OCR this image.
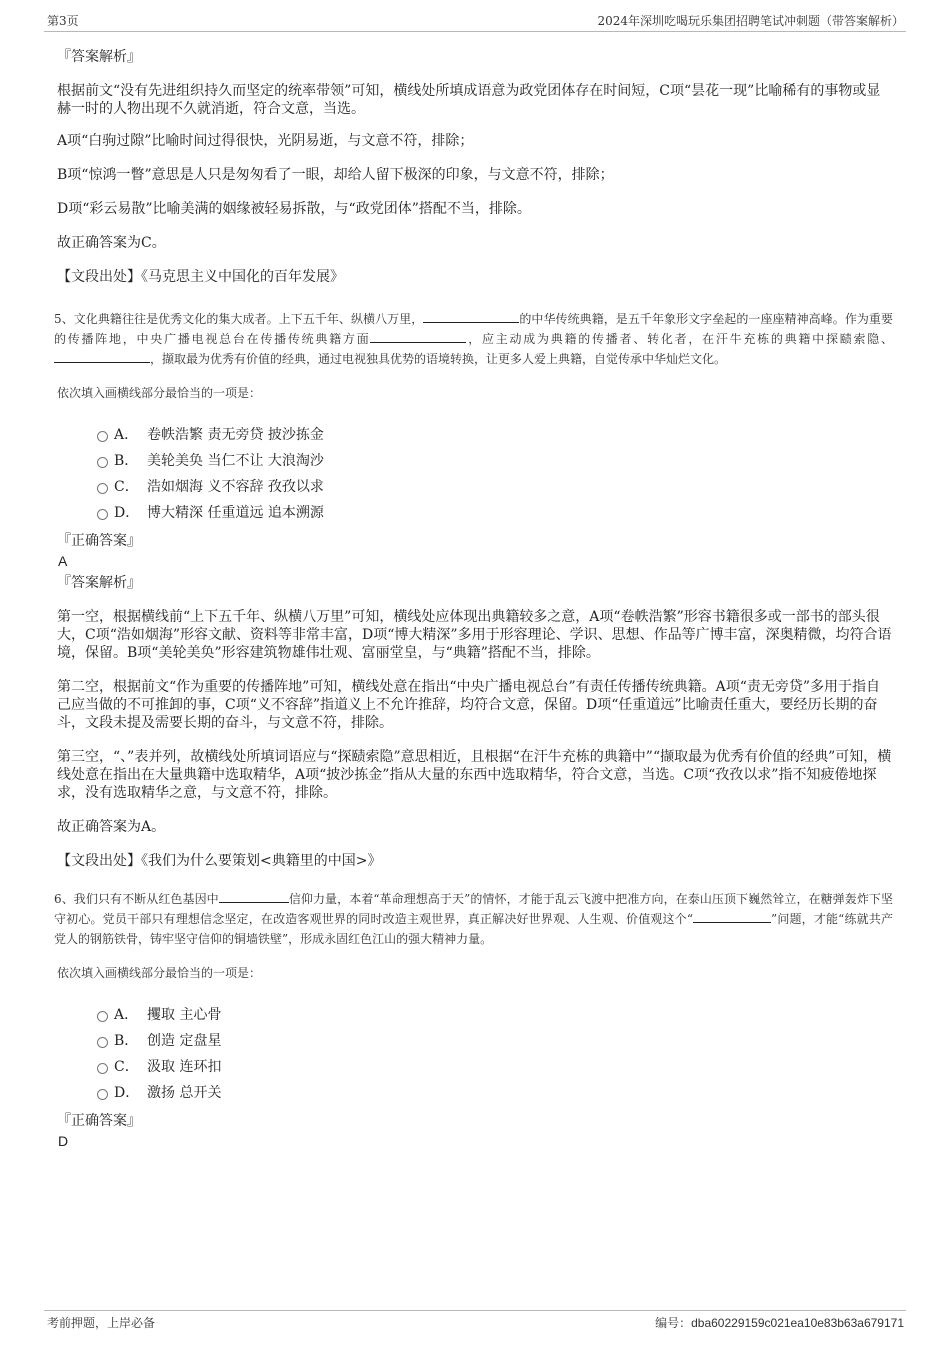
第3页	2024年深圳吃喝玩乐集团招聘笔试冲刺题（带答案解析）

『答案解析』

根据前文“没有先进组织持久而坚定的统率带领”可知，横线处所填成语意为政党团体存在时间短，C项“昙花一现”比喻稀有的事物或显赫一时的人物出现不久就消逝，符合文意，当选。

A项“白驹过隙”比喻时间过得很快，光阴易逝，与文意不符，排除；

B项“惊鸿一瞥”意思是人只是匆匆看了一眼，却给人留下极深的印象，与文意不符，排除；

D项“彩云易散”比喻美满的姻缘被轻易拆散，与“政党团体”搭配不当，排除。

故正确答案为C。

【文段出处】《马克思主义中国化的百年发展》

5、文化典籍往往是优秀文化的集大成者。上下五千年、纵横八万里，	的中华传统典籍，是五千年象形文字垒起的一座座精神高峰。作为重要的传播阵地，中央广播电视总台在传播传统典籍方面	，应主动成为典籍的传播者、转化者，在汗牛充栋的典籍中探赜索隐、，撷取最为优秀有价值的经典，通过电视独具优势的语境转换，让更多人爱上典籍，自觉传承中华灿烂文化。

依次填入画横线部分最恰当的一项是：

A． 卷帙浩繁 责无旁贷 披沙拣金
B． 美轮美奂 当仁不让 大浪淘沙
C． 浩如烟海 义不容辞 孜孜以求
D． 博大精深 任重道远 追本溯源

『正确答案』

A

『答案解析』

第一空，根据横线前“上下五千年、纵横八万里”可知，横线处应体现出典籍较多之意，A项“卷帙浩繁”形容书籍很多或一部书的部头很大，C项“浩如烟海”形容文献、资料等非常丰富，D项“博大精深”多用于形容理论、学识、思想、作品等广博丰富，深奥精微，均符合语境，保留。B项“美轮美奂”形容建筑物雄伟壮观、富丽堂皇，与“典籍”搭配不当，排除。

第二空，根据前文“作为重要的传播阵地”可知，横线处意在指出“中央广播电视总台”有责任传播传统典籍。A项“责无旁贷”多用于指自己应当做的不可推卸的事，C项“义不容辞”指道义上不允许推辞，均符合文意，保留。D项“任重道远”比喻责任重大，要经历长期的奋斗，文段未提及需要长期的奋斗，与文意不符，排除。

第三空，“、”表并列，故横线处所填词语应与“探赜索隐”意思相近，且根据“在汗牛充栋的典籍中”“撷取最为优秀有价值的经典”可知，横线处意在指出在大量典籍中选取精华，A项“披沙拣金”指从大量的东西中选取精华，符合文意，当选。C项“孜孜以求”指不知疲倦地探求，没有选取精华之意，与文意不符，排除。

故正确答案为A。

【文段出处】《我们为什么要策划<典籍里的中国>》

6、我们只有不断从红色基因中	信仰力量，本着“革命理想高于天”的情怀，才能于乱云飞渡中把准方向，在泰山压顶下巍然耸立，在糖弹轰炸下坚守初心。党员干部只有理想信念坚定，在改造客观世界的同时改造主观世界，真正解决好世界观、人生观、价值观这个“	”问题，才能“练就共产党人的钢筋铁骨，铸牢坚守信仰的铜墙铁壁”，形成永固红色江山的强大精神力量。

依次填入画横线部分最恰当的一项是：

A． 攫取 主心骨
B． 创造 定盘星
C． 汲取 连环扣
D． 激扬 总开关

『正确答案』

D

考前押题，上岸必备	编号：dba60229159c021ea10e83b63a679171
